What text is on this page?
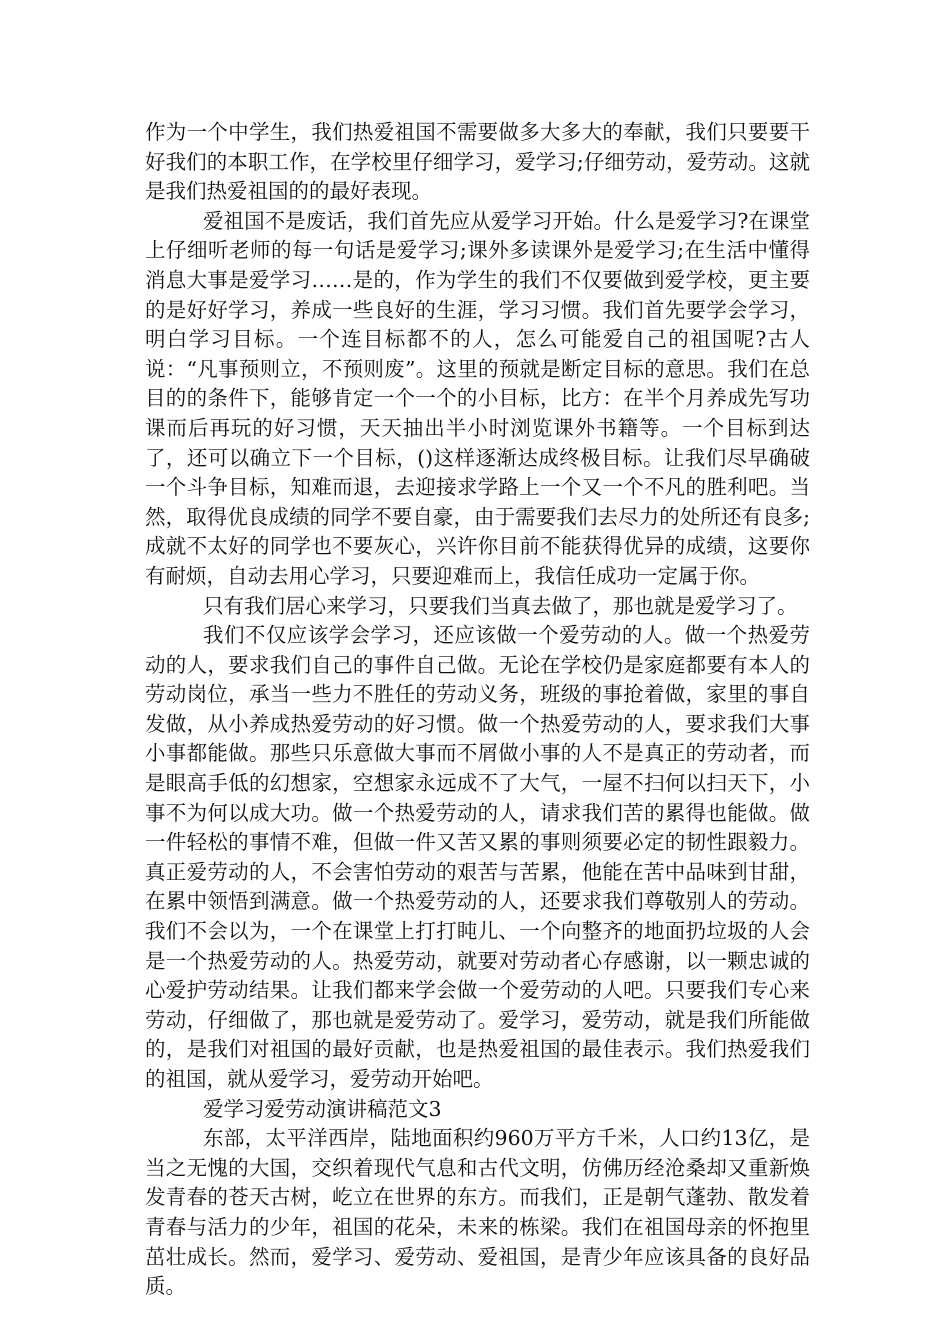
作为一个中学生，我们热爱祖国不需要做多大多大的奉献，我们只要要干好我们的本职工作，在学校里仔细学习，爱学习;仔细劳动，爱劳动。这就是我们热爱祖国的的最好表现。

爱祖国不是废话，我们首先应从爱学习开始。什么是爱学习?在课堂上仔细听老师的每一句话是爱学习;课外多读课外是爱学习;在生活中懂得消息大事是爱学习……是的，作为学生的我们不仅要做到爱学校，更主要的是好好学习，养成一些良好的生涯，学习习惯。我们首先要学会学习，明白学习目标。一个连目标都不的人，怎么可能爱自己的祖国呢?古人说：“凡事预则立，不预则废”。这里的预就是断定目标的意思。我们在总目的的条件下，能够肯定一个一个的小目标，比方：在半个月养成先写功课而后再玩的好习惯，天天抽出半小时浏览课外书籍等。一个目标到达了，还可以确立下一个目标，()这样逐渐达成终极目标。让我们尽早确破一个斗争目标，知难而退，去迎接求学路上一个又一个不凡的胜利吧。当然，取得优良成绩的同学不要自豪，由于需要我们去尽力的处所还有良多;成就不太好的同学也不要灰心，兴许你目前不能获得优异的成绩，这要你有耐烦，自动去用心学习，只要迎难而上，我信任成功一定属于你。

只有我们居心来学习，只要我们当真去做了，那也就是爱学习了。

我们不仅应该学会学习，还应该做一个爱劳动的人。做一个热爱劳动的人，要求我们自己的事件自己做。无论在学校仍是家庭都要有本人的劳动岗位，承当一些力不胜任的劳动义务，班级的事抢着做，家里的事自发做，从小养成热爱劳动的好习惯。做一个热爱劳动的人，要求我们大事小事都能做。那些只乐意做大事而不屑做小事的人不是真正的劳动者，而是眼高手低的幻想家，空想家永远成不了大气，一屋不扫何以扫天下，小事不为何以成大功。做一个热爱劳动的人，请求我们苦的累得也能做。做一件轻松的事情不难，但做一件又苦又累的事则须要必定的韧性跟毅力。真正爱劳动的人，不会害怕劳动的艰苦与苦累，他能在苦中品味到甘甜，在累中领悟到满意。做一个热爱劳动的人，还要求我们尊敬别人的劳动。我们不会以为，一个在课堂上打打盹儿、一个向整齐的地面扔垃圾的人会是一个热爱劳动的人。热爱劳动，就要对劳动者心存感谢，以一颗忠诚的心爱护劳动结果。让我们都来学会做一个爱劳动的人吧。只要我们专心来劳动，仔细做了，那也就是爱劳动了。爱学习，爱劳动，就是我们所能做的，是我们对祖国的最好贡献，也是热爱祖国的最佳表示。我们热爱我们的祖国，就从爱学习，爱劳动开始吧。

爱学习爱劳动演讲稿范文3

东部，太平洋西岸，陆地面积约960万平方千米，人口约13亿，是当之无愧的大国，交织着现代气息和古代文明，仿佛历经沧桑却又重新焕发青春的苍天古树，屹立在世界的东方。而我们，正是朝气蓬勃、散发着青春与活力的少年，祖国的花朵，未来的栋梁。我们在祖国母亲的怀抱里茁壮成长。然而，爱学习、爱劳动、爱祖国，是青少年应该具备的良好品质。
